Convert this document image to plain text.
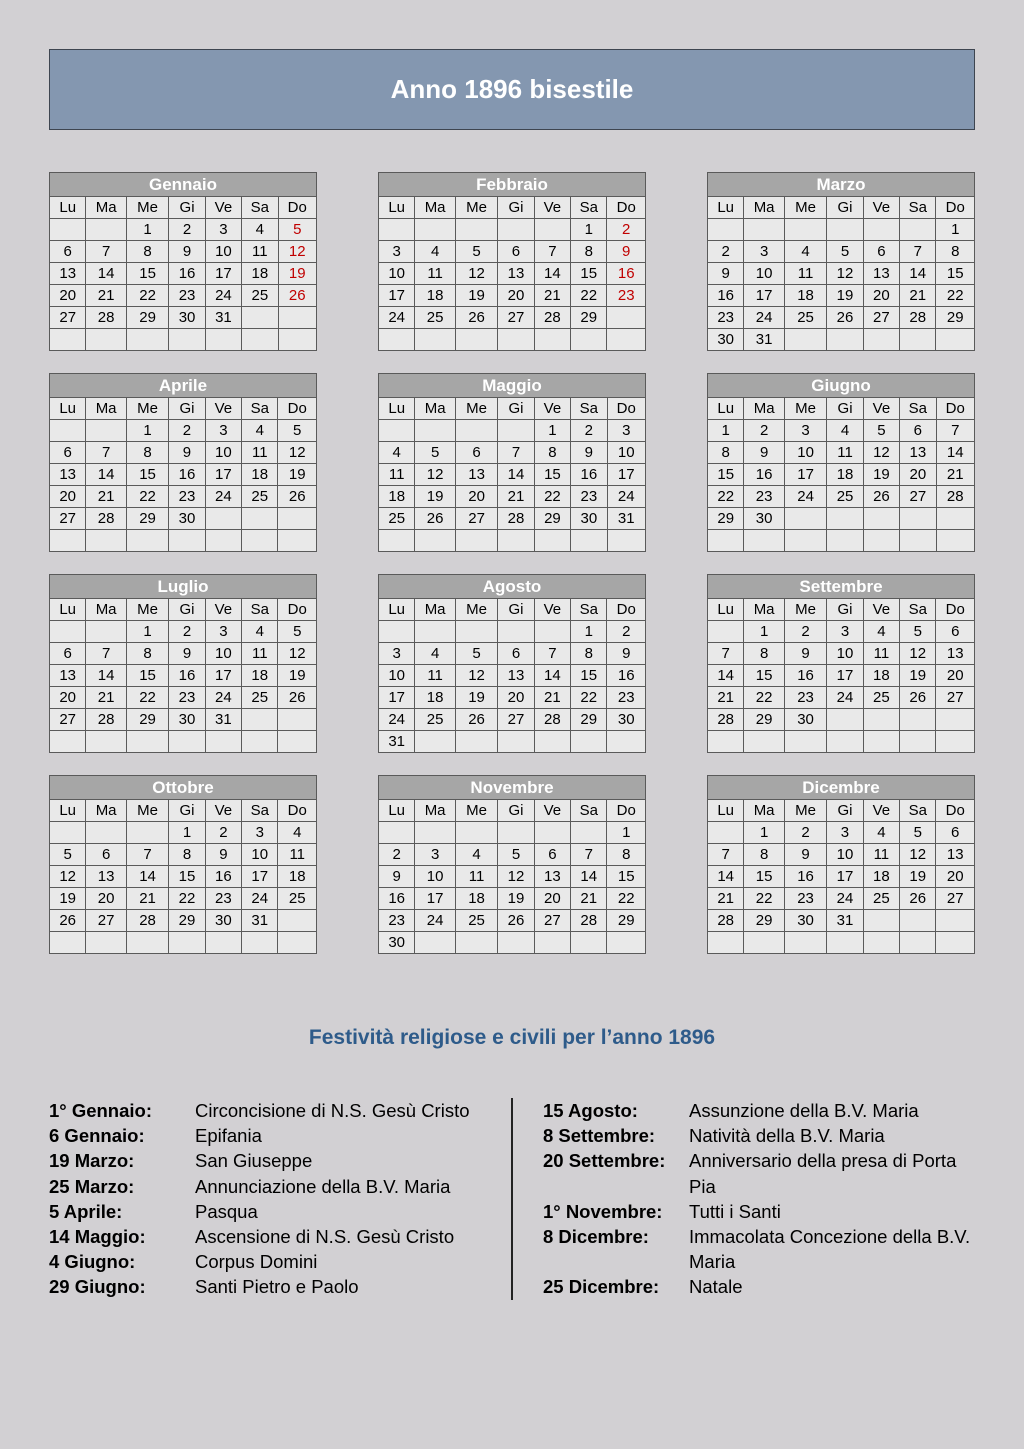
Anno 1896 bisestile
Gennaio						
Lu	Ma	Me	Gi	Ve	Sa	Do
		1	2	3	4	5
6	7	8	9	10	11	12
13	14	15	16	17	18	19
20	21	22	23	24	25	26
27	28	29	30	31		

Febbraio						
Lu	Ma	Me	Gi	Ve	Sa	Do
					1	2
3	4	5	6	7	8	9
10	11	12	13	14	15	16
17	18	19	20	21	22	23
24	25	26	27	28	29	

Marzo						
Lu	Ma	Me	Gi	Ve	Sa	Do
						1
2	3	4	5	6	7	8
9	10	11	12	13	14	15
16	17	18	19	20	21	22
23	24	25	26	27	28	29
30	31					
Aprile						
Lu	Ma	Me	Gi	Ve	Sa	Do
		1	2	3	4	5
6	7	8	9	10	11	12
13	14	15	16	17	18	19
20	21	22	23	24	25	26
27	28	29	30			

Maggio						
Lu	Ma	Me	Gi	Ve	Sa	Do
				1	2	3
4	5	6	7	8	9	10
11	12	13	14	15	16	17
18	19	20	21	22	23	24
25	26	27	28	29	30	31

Giugno						
Lu	Ma	Me	Gi	Ve	Sa	Do
1	2	3	4	5	6	7
8	9	10	11	12	13	14
15	16	17	18	19	20	21
22	23	24	25	26	27	28
29	30					

Luglio						
Lu	Ma	Me	Gi	Ve	Sa	Do
		1	2	3	4	5
6	7	8	9	10	11	12
13	14	15	16	17	18	19
20	21	22	23	24	25	26
27	28	29	30	31		

Agosto						
Lu	Ma	Me	Gi	Ve	Sa	Do
					1	2
3	4	5	6	7	8	9
10	11	12	13	14	15	16
17	18	19	20	21	22	23
24	25	26	27	28	29	30
31						
Settembre						
Lu	Ma	Me	Gi	Ve	Sa	Do
	1	2	3	4	5	6
7	8	9	10	11	12	13
14	15	16	17	18	19	20
21	22	23	24	25	26	27
28	29	30				

Ottobre						
Lu	Ma	Me	Gi	Ve	Sa	Do
			1	2	3	4
5	6	7	8	9	10	11
12	13	14	15	16	17	18
19	20	21	22	23	24	25
26	27	28	29	30	31	

Novembre						
Lu	Ma	Me	Gi	Ve	Sa	Do
						1
2	3	4	5	6	7	8
9	10	11	12	13	14	15
16	17	18	19	20	21	22
23	24	25	26	27	28	29
30						
Dicembre						
Lu	Ma	Me	Gi	Ve	Sa	Do
	1	2	3	4	5	6
7	8	9	10	11	12	13
14	15	16	17	18	19	20
21	22	23	24	25	26	27
28	29	30	31			

Festività religiose e civili per l’anno 1896
1° Gennaio:	Circoncisione di N.S. Gesù Cristo
6 Gennaio:	Epifania
19 Marzo:	San Giuseppe
25 Marzo:	Annunciazione della B.V. Maria
5 Aprile:	Pasqua
14 Maggio:	Ascensione di N.S. Gesù Cristo
4 Giugno:	Corpus Domini
29 Giugno:	Santi Pietro e Paolo
15 Agosto:	Assunzione della B.V. Maria
8 Settembre:	Natività della B.V. Maria
20 Settembre:	Anniversario della presa di Porta Pia
1° Novembre:	Tutti i Santi
8 Dicembre:	Immacolata Concezione della B.V. Maria
25 Dicembre:	Natale
